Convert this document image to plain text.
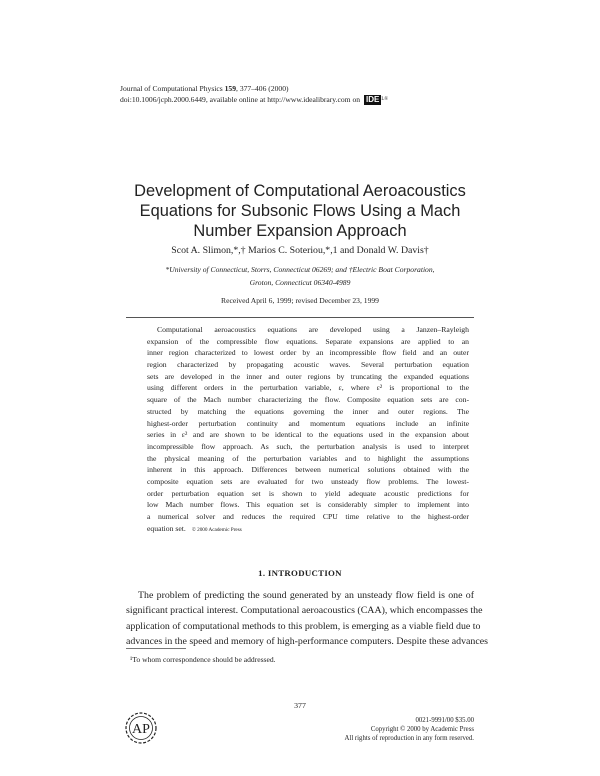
Journal of Computational Physics 159, 377–406 (2000)
doi:10.1006/jcph.2000.6449, available online at http://www.idealibrary.com on IDE $^{L®}$
Development of Computational Aeroacoustics
Equations for Subsonic Flows Using a Mach
Number Expansion Approach
Scot A. Slimon,*,† Marios C. Soteriou,*,1 and Donald W. Davis†
*University of Connecticut, Storrs, Connecticut 06269; and †Electric Boat Corporation,
Groton, Connecticut 06340-4989
Received April 6, 1999; revised December 23, 1999
Computational aeroacoustics equations are developed using a Janzen–Rayleigh
expansion of the compressible flow equations. Separate expansions are applied to an
inner region characterized to lowest order by an incompressible flow field and an outer
region characterized by propagating acoustic waves. Several perturbation equation
sets are developed in the inner and outer regions by truncating the expanded equations
using different orders in the perturbation variable, ε, where ε² is proportional to the
square of the Mach number characterizing the flow. Composite equation sets are con-
structed by matching the equations governing the inner and outer regions. The
highest-order perturbation continuity and momentum equations include an infinite
series in ε² and are shown to be identical to the equations used in the expansion about
incompressible flow approach. As such, the perturbation analysis is used to interpret
the physical meaning of the perturbation variables and to highlight the assumptions
inherent in this approach. Differences between numerical solutions obtained with the
composite equation sets are evaluated for two unsteady flow problems. The lowest-
order perturbation equation set is shown to yield adequate acoustic predictions for
low Mach number flows. This equation set is considerably simpler to implement into
a numerical solver and reduces the required CPU time relative to the highest-order
equation set. © 2000 Academic Press
1. INTRODUCTION
The problem of predicting the sound generated by an unsteady flow field is one of
significant practical interest. Computational aeroacoustics (CAA), which encompasses the
application of computational methods to this problem, is emerging as a viable field due to
advances in the speed and memory of high-performance computers. Despite these advances
¹To whom correspondence should be addressed.
377
AP
0021-9991/00 $35.00
Copyright © 2000 by Academic Press
All rights of reproduction in any form reserved.
